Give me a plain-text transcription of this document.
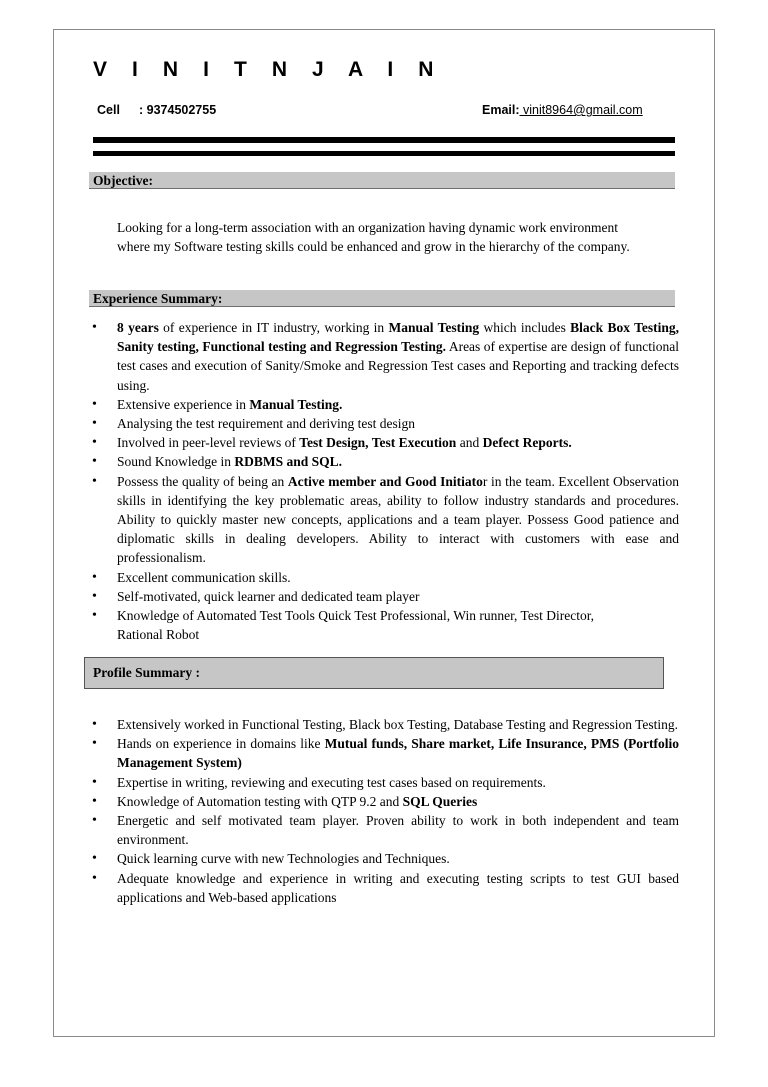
V I N I T N J A I N
Cell : 9374502755	Email: vinit8964@gmail.com
Objective:
Looking for a long-term association with an organization having dynamic work environment where my Software testing skills could be enhanced and grow in the hierarchy of the company.
Experience Summary:
• 8 years of experience in IT industry, working in Manual Testing which includes Black Box Testing, Sanity testing, Functional testing and Regression Testing. Areas of expertise are design of functional test cases and execution of Sanity/Smoke and Regression Test cases and Reporting and tracking defects using.
• Extensive experience in Manual Testing.
• Analysing the test requirement and deriving test design
• Involved in peer-level reviews of Test Design, Test Execution and Defect Reports.
• Sound Knowledge in RDBMS and SQL.
• Possess the quality of being an Active member and Good Initiator in the team. Excellent Observation skills in identifying the key problematic areas, ability to follow industry standards and procedures. Ability to quickly master new concepts, applications and a team player. Possess Good patience and diplomatic skills in dealing developers. Ability to interact with customers with ease and professionalism.
• Excellent communication skills.
• Self-motivated, quick learner and dedicated team player
• Knowledge of Automated Test Tools Quick Test Professional, Win runner, Test Director, Rational Robot
Profile Summary :
• Extensively worked in Functional Testing, Black box Testing, Database Testing and Regression Testing.
• Hands on experience in domains like Mutual funds, Share market, Life Insurance, PMS (Portfolio Management System)
• Expertise in writing, reviewing and executing test cases based on requirements.
• Knowledge of Automation testing with QTP 9.2 and SQL Queries
• Energetic and self motivated team player. Proven ability to work in both independent and team environment.
• Quick learning curve with new Technologies and Techniques.
• Adequate knowledge and experience in writing and executing testing scripts to test GUI based applications and Web-based applications
